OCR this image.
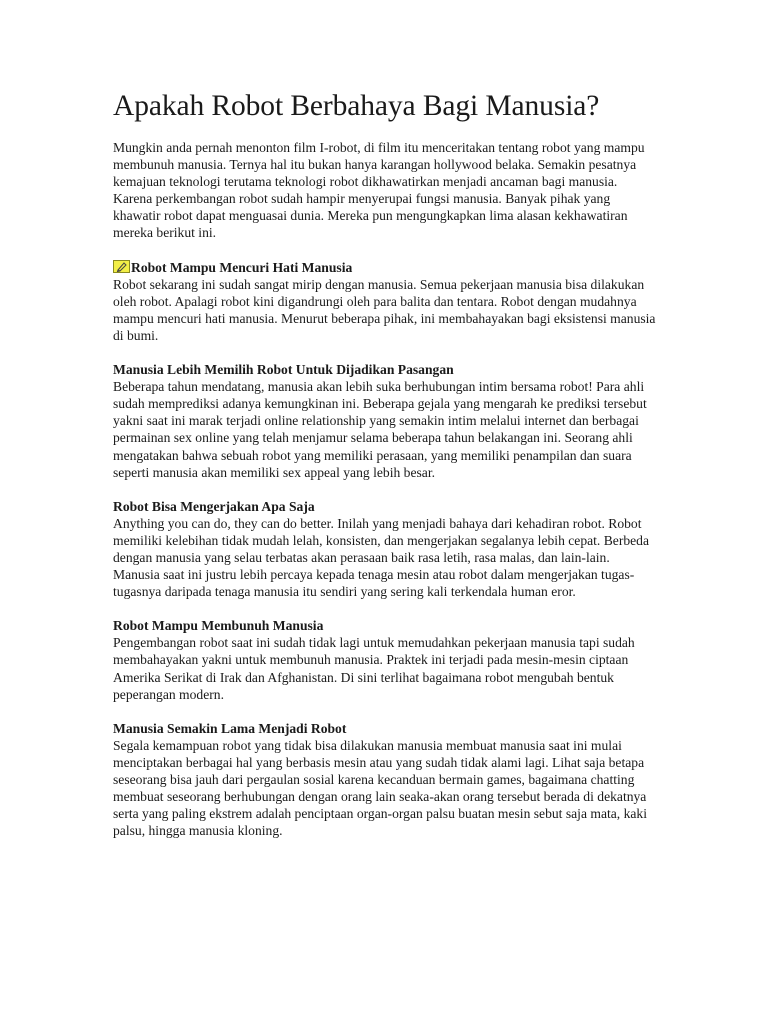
Apakah Robot Berbahaya Bagi Manusia?

Mungkin anda pernah menonton film I-robot, di film itu menceritakan tentang robot yang mampu membunuh manusia. Ternya hal itu bukan hanya karangan hollywood belaka. Semakin pesatnya kemajuan teknologi terutama teknologi robot dikhawatirkan menjadi ancaman bagi manusia. Karena perkembangan robot sudah hampir menyerupai fungsi manusia. Banyak pihak yang khawatir robot dapat menguasai dunia. Mereka pun mengungkapkan lima alasan kekhawatiran mereka berikut ini.

Robot Mampu Mencuri Hati Manusia
Robot sekarang ini sudah sangat mirip dengan manusia. Semua pekerjaan manusia bisa dilakukan oleh robot. Apalagi robot kini digandrungi oleh para balita dan tentara. Robot dengan mudahnya mampu mencuri hati manusia. Menurut beberapa pihak, ini membahayakan bagi eksistensi manusia di bumi.
Manusia Lebih Memilih Robot Untuk Dijadikan Pasangan
Beberapa tahun mendatang, manusia akan lebih suka berhubungan intim bersama robot! Para ahli sudah memprediksi adanya kemungkinan ini. Beberapa gejala yang mengarah ke prediksi tersebut yakni saat ini marak terjadi online relationship yang semakin intim melalui internet dan berbagai permainan sex online yang telah menjamur selama beberapa tahun belakangan ini. Seorang ahli mengatakan bahwa sebuah robot yang memiliki perasaan, yang memiliki penampilan dan suara seperti manusia akan memiliki sex appeal yang lebih besar.
Robot Bisa Mengerjakan Apa Saja
Anything you can do, they can do better. Inilah yang menjadi bahaya dari kehadiran robot. Robot memiliki kelebihan tidak mudah lelah, konsisten, dan mengerjakan segalanya lebih cepat. Berbeda dengan manusia yang selau terbatas akan perasaan baik rasa letih, rasa malas, dan lain-lain. Manusia saat ini justru lebih percaya kepada tenaga mesin atau robot dalam mengerjakan tugas-tugasnya daripada tenaga manusia itu sendiri yang sering kali terkendala human eror.
Robot Mampu Membunuh Manusia
Pengembangan robot saat ini sudah tidak lagi untuk memudahkan pekerjaan manusia tapi sudah membahayakan yakni untuk membunuh manusia. Praktek ini terjadi pada mesin-mesin ciptaan Amerika Serikat di Irak dan Afghanistan. Di sini terlihat bagaimana robot mengubah bentuk peperangan modern.
Manusia Semakin Lama Menjadi Robot
Segala kemampuan robot yang tidak bisa dilakukan manusia membuat manusia saat ini mulai menciptakan berbagai hal yang berbasis mesin atau yang sudah tidak alami lagi. Lihat saja betapa seseorang bisa jauh dari pergaulan sosial karena kecanduan bermain games, bagaimana chatting membuat seseorang berhubungan dengan orang lain seaka-akan orang tersebut berada di dekatnya serta yang paling ekstrem adalah penciptaan organ-organ palsu buatan mesin sebut saja mata, kaki palsu, hingga manusia kloning.
